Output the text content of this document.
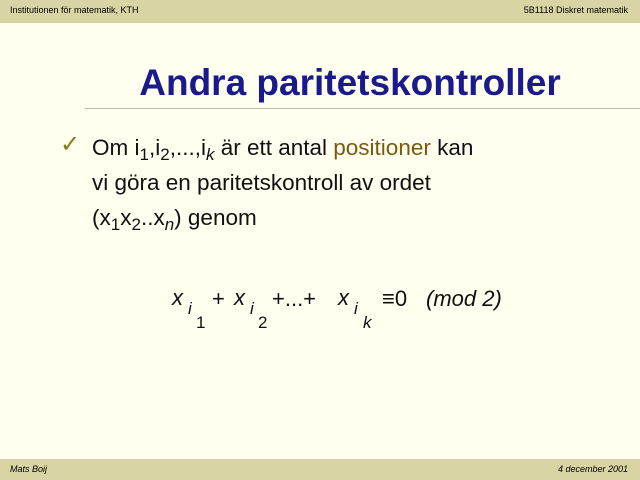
Institutionen för matematik, KTH	5B1118 Diskret matematik
Andra paritetskontroller
✓ Om $i_1,i_2,...,i_k$ är ett antal positioner kan
vi göra en paritetskontroll av ordet
$(x_1x_2..x_n)$ genom
x i
1
+ x i
2
+...+ x i
k
≡0 (mod 2)
Mats Boij	4 december 2001
